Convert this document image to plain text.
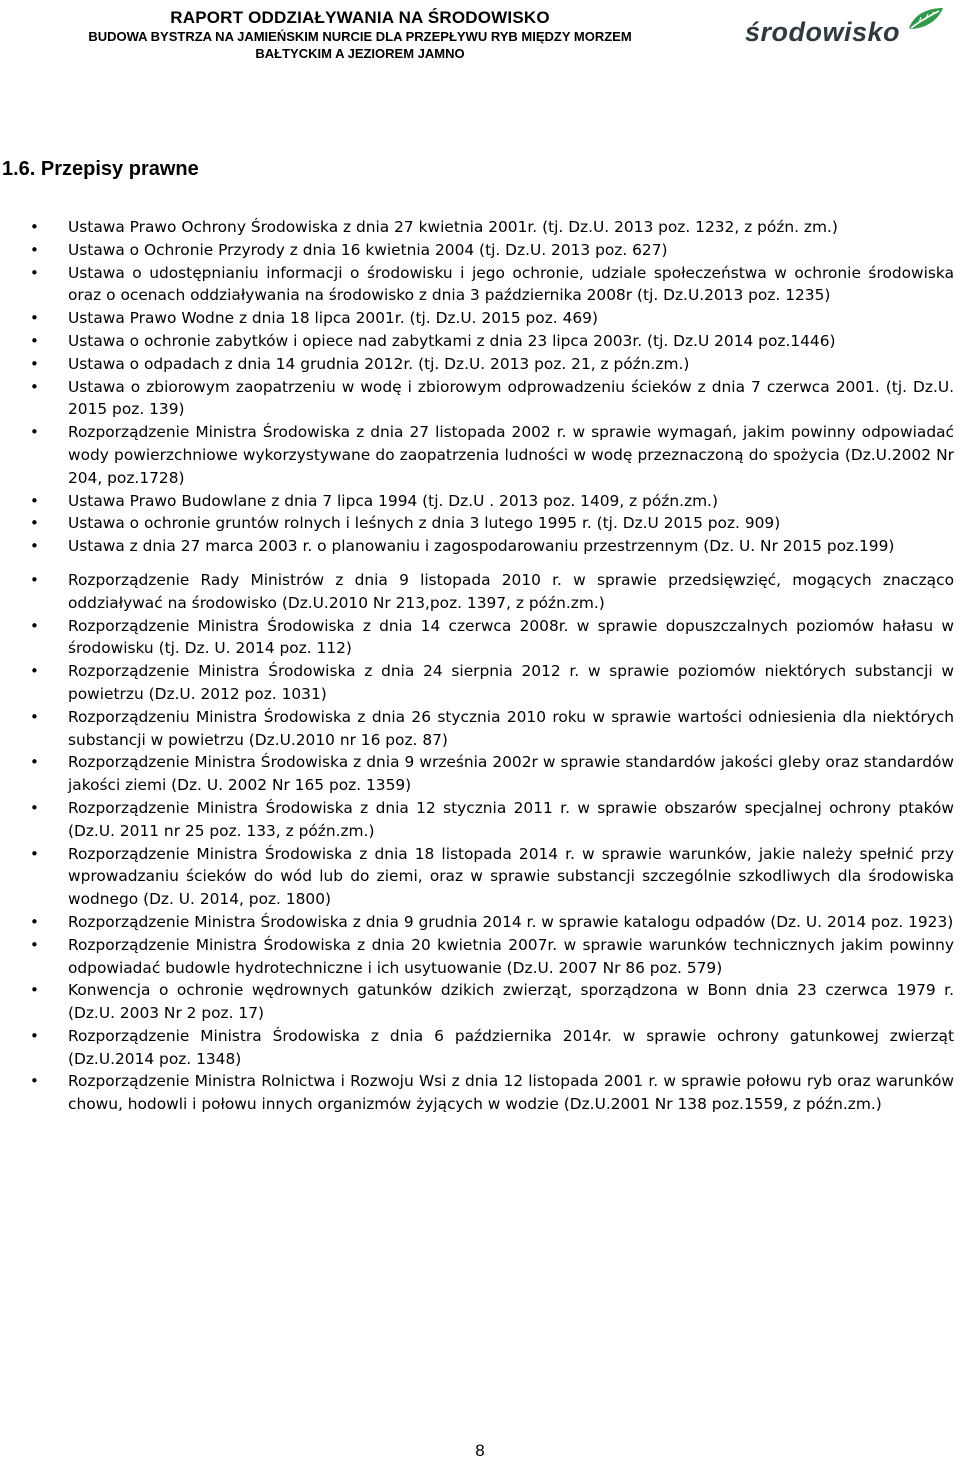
RAPORT ODDZIAŁYWANIA NA ŚRODOWISKO
BUDOWA BYSTRZA NA JAMIEŃSKIM NURCIE DLA PRZEPŁYWU RYB MIĘDZY MORZEM
BAŁTYCKIM A JEZIOREM JAMNO
środowisko
1.6. Przepisy prawne
• Ustawa Prawo Ochrony Środowiska z dnia 27 kwietnia 2001r. (tj. Dz.U. 2013 poz. 1232, z późn. zm.)
• Ustawa o Ochronie Przyrody z dnia 16 kwietnia 2004 (tj. Dz.U. 2013 poz. 627)
• Ustawa o udostępnianiu informacji o środowisku i jego ochronie, udziale społeczeństwa w ochronie środowiska oraz o ocenach oddziaływania na środowisko z dnia 3 października 2008r (tj. Dz.U.2013 poz. 1235)
• Ustawa Prawo Wodne z dnia 18 lipca 2001r. (tj. Dz.U. 2015 poz. 469)
• Ustawa o ochronie zabytków i opiece nad zabytkami z dnia 23 lipca 2003r. (tj. Dz.U 2014 poz.1446)
• Ustawa o odpadach z dnia 14 grudnia 2012r. (tj. Dz.U. 2013 poz. 21, z późn.zm.)
• Ustawa o zbiorowym zaopatrzeniu w wodę i zbiorowym odprowadzeniu ścieków z dnia 7 czerwca 2001. (tj. Dz.U. 2015 poz. 139)
• Rozporządzenie Ministra Środowiska z dnia 27 listopada 2002 r. w sprawie wymagań, jakim powinny odpowiadać wody powierzchniowe wykorzystywane do zaopatrzenia ludności w wodę przeznaczoną do spożycia (Dz.U.2002 Nr 204, poz.1728)
• Ustawa Prawo Budowlane z dnia 7 lipca 1994 (tj. Dz.U . 2013 poz. 1409, z późn.zm.)
• Ustawa o ochronie gruntów rolnych i leśnych z dnia 3 lutego 1995 r. (tj. Dz.U 2015 poz. 909)
• Ustawa z dnia 27 marca 2003 r. o planowaniu i zagospodarowaniu przestrzennym (Dz. U. Nr 2015 poz.199)
• Rozporządzenie Rady Ministrów z dnia 9 listopada 2010 r. w sprawie przedsięwzięć, mogących znacząco oddziaływać na środowisko (Dz.U.2010 Nr 213,poz. 1397, z późn.zm.)
• Rozporządzenie Ministra Środowiska z dnia 14 czerwca 2008r. w sprawie dopuszczalnych poziomów hałasu w środowisku (tj. Dz. U. 2014 poz. 112)
• Rozporządzenie Ministra Środowiska z dnia 24 sierpnia 2012 r. w sprawie poziomów niektórych substancji w powietrzu (Dz.U. 2012 poz. 1031)
• Rozporządzeniu Ministra Środowiska z dnia 26 stycznia 2010 roku w sprawie wartości odniesienia dla niektórych substancji w powietrzu (Dz.U.2010 nr 16 poz. 87)
• Rozporządzenie Ministra Środowiska z dnia 9 września 2002r w sprawie standardów jakości gleby oraz standardów jakości ziemi (Dz. U. 2002 Nr 165 poz. 1359)
• Rozporządzenie Ministra Środowiska z dnia 12 stycznia 2011 r. w sprawie obszarów specjalnej ochrony ptaków (Dz.U. 2011 nr 25 poz. 133, z późn.zm.)
• Rozporządzenie Ministra Środowiska z dnia 18 listopada 2014 r. w sprawie warunków, jakie należy spełnić przy wprowadzaniu ścieków do wód lub do ziemi, oraz w sprawie substancji szczególnie szkodliwych dla środowiska wodnego (Dz. U. 2014, poz. 1800)
• Rozporządzenie Ministra Środowiska z dnia 9 grudnia 2014 r. w sprawie katalogu odpadów (Dz. U. 2014 poz. 1923)
• Rozporządzenie Ministra Środowiska z dnia 20 kwietnia 2007r. w sprawie warunków technicznych jakim powinny odpowiadać budowle hydrotechniczne i ich usytuowanie (Dz.U. 2007 Nr 86 poz. 579)
• Konwencja o ochronie wędrownych gatunków dzikich zwierząt, sporządzona w Bonn dnia 23 czerwca 1979 r. (Dz.U. 2003 Nr 2 poz. 17)
• Rozporządzenie Ministra Środowiska z dnia 6 października 2014r. w sprawie ochrony gatunkowej zwierząt (Dz.U.2014 poz. 1348)
• Rozporządzenie Ministra Rolnictwa i Rozwoju Wsi z dnia 12 listopada 2001 r. w sprawie połowu ryb oraz warunków chowu, hodowli i połowu innych organizmów żyjących w wodzie (Dz.U.2001 Nr 138 poz.1559, z późn.zm.)
8
